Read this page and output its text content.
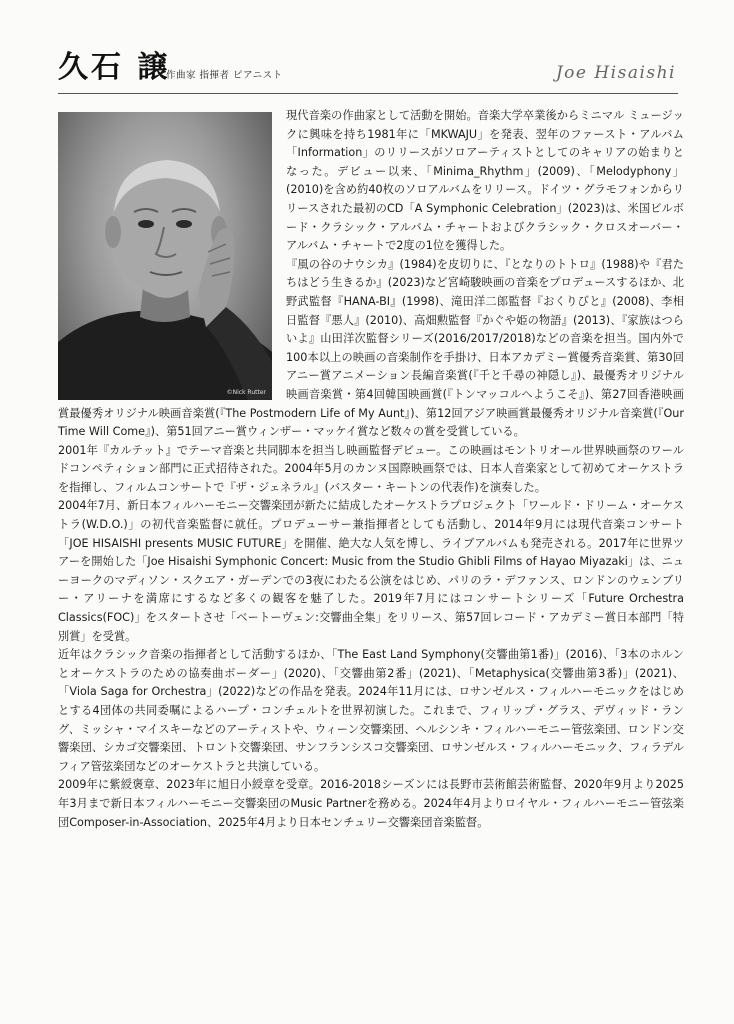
久石 譲
作曲家 指揮者 ピアニスト	Joe Hisaishi
©Nick Rutter

現代音楽の作曲家として活動を開始。音楽大学卒業後からミニマル ミュージックに興味を持ち1981年に「MKWAJU」を発表、翌年のファースト・アルバム「Information」のリリースがソロアーティストとしてのキャリアの始まりとなった。デビュー以来、「Minima_Rhythm」(2009)、「Melodyphony」(2010)を含め約40枚のソロアルバムをリリース。ドイツ・グラモフォンからリリースされた最初のCD「A Symphonic Celebration」(2023)は、米国ビルボード・クラシック・アルバム・チャートおよびクラシック・クロスオーバー・アルバム・チャートで2度の1位を獲得した。

『風の谷のナウシカ』(1984)を皮切りに、『となりのトトロ』(1988)や『君たちはどう生きるか』(2023)など宮崎駿映画の音楽をプロデュースするほか、北野武監督『HANA-BI』(1998)、滝田洋二郎監督『おくりびと』(2008)、李相日監督『悪人』(2010)、高畑勲監督『かぐや姫の物語』(2013)、『家族はつらいよ』山田洋次監督シリーズ(2016/2017/2018)などの音楽を担当。国内外で100本以上の映画の音楽制作を手掛け、日本アカデミー賞優秀音楽賞、第30回アニー賞アニメーション長編音楽賞(『千と千尋の神隠し』)、最優秀オリジナル映画音楽賞・第4回韓国映画賞(『トンマッコルへようこそ』)、第27回香港映画賞最優秀オリジナル映画音楽賞(『The Postmodern Life of My Aunt』)、第12回アジア映画賞最優秀オリジナル音楽賞(『Our Time Will Come』)、第51回アニー賞ウィンザー・マッケイ賞など数々の賞を受賞している。

2001年『カルテット』でテーマ音楽と共同脚本を担当し映画監督デビュー。この映画はモントリオール世界映画祭のワールドコンペティション部門に正式招待された。2004年5月のカンヌ国際映画祭では、日本人音楽家として初めてオーケストラを指揮し、フィルムコンサートで『ザ・ジェネラル』(バスター・キートンの代表作)を演奏した。

2004年7月、新日本フィルハーモニー交響楽団が新たに結成したオーケストラプロジェクト「ワールド・ドリーム・オーケストラ(W.D.O.)」の初代音楽監督に就任。プロデューサー兼指揮者としても活動し、2014年9月には現代音楽コンサート「JOE HISAISHI presents MUSIC FUTURE」を開催、絶大な人気を博し、ライブアルバムも発売される。2017年に世界ツアーを開始した「Joe Hisaishi Symphonic Concert: Music from the Studio Ghibli Films of Hayao Miyazaki」は、ニューヨークのマディソン・スクエア・ガーデンでの3夜にわたる公演をはじめ、パリのラ・デファンス、ロンドンのウェンブリー・アリーナを満席にするなど多くの観客を魅了した。2019年7月にはコンサートシリーズ「Future Orchestra Classics(FOC)」をスタートさせ「ベートーヴェン:交響曲全集」をリリース、第57回レコード・アカデミー賞日本部門「特別賞」を受賞。

近年はクラシック音楽の指揮者として活動するほか、「The East Land Symphony(交響曲第1番)」(2016)、「3本のホルンとオーケストラのための協奏曲ボーダー」(2020)、「交響曲第2番」(2021)、「Metaphysica(交響曲第3番)」(2021)、「Viola Saga for Orchestra」(2022)などの作品を発表。2024年11月には、ロサンゼルス・フィルハーモニックをはじめとする4団体の共同委嘱によるハープ・コンチェルトを世界初演した。これまで、フィリップ・グラス、デヴィッド・ラング、ミッシャ・マイスキーなどのアーティストや、ウィーン交響楽団、ヘルシンキ・フィルハーモニー管弦楽団、ロンドン交響楽団、シカゴ交響楽団、トロント交響楽団、サンフランシスコ交響楽団、ロサンゼルス・フィルハーモニック、フィラデルフィア管弦楽団などのオーケストラと共演している。

2009年に紫綬褒章、2023年に旭日小綬章を受章。2016-2018シーズンには長野市芸術館芸術監督、2020年9月より2025年3月まで新日本フィルハーモニー交響楽団のMusic Partnerを務める。2024年4月よりロイヤル・フィルハーモニー管弦楽団Composer-in-Association、2025年4月より日本センチュリー交響楽団音楽監督。
